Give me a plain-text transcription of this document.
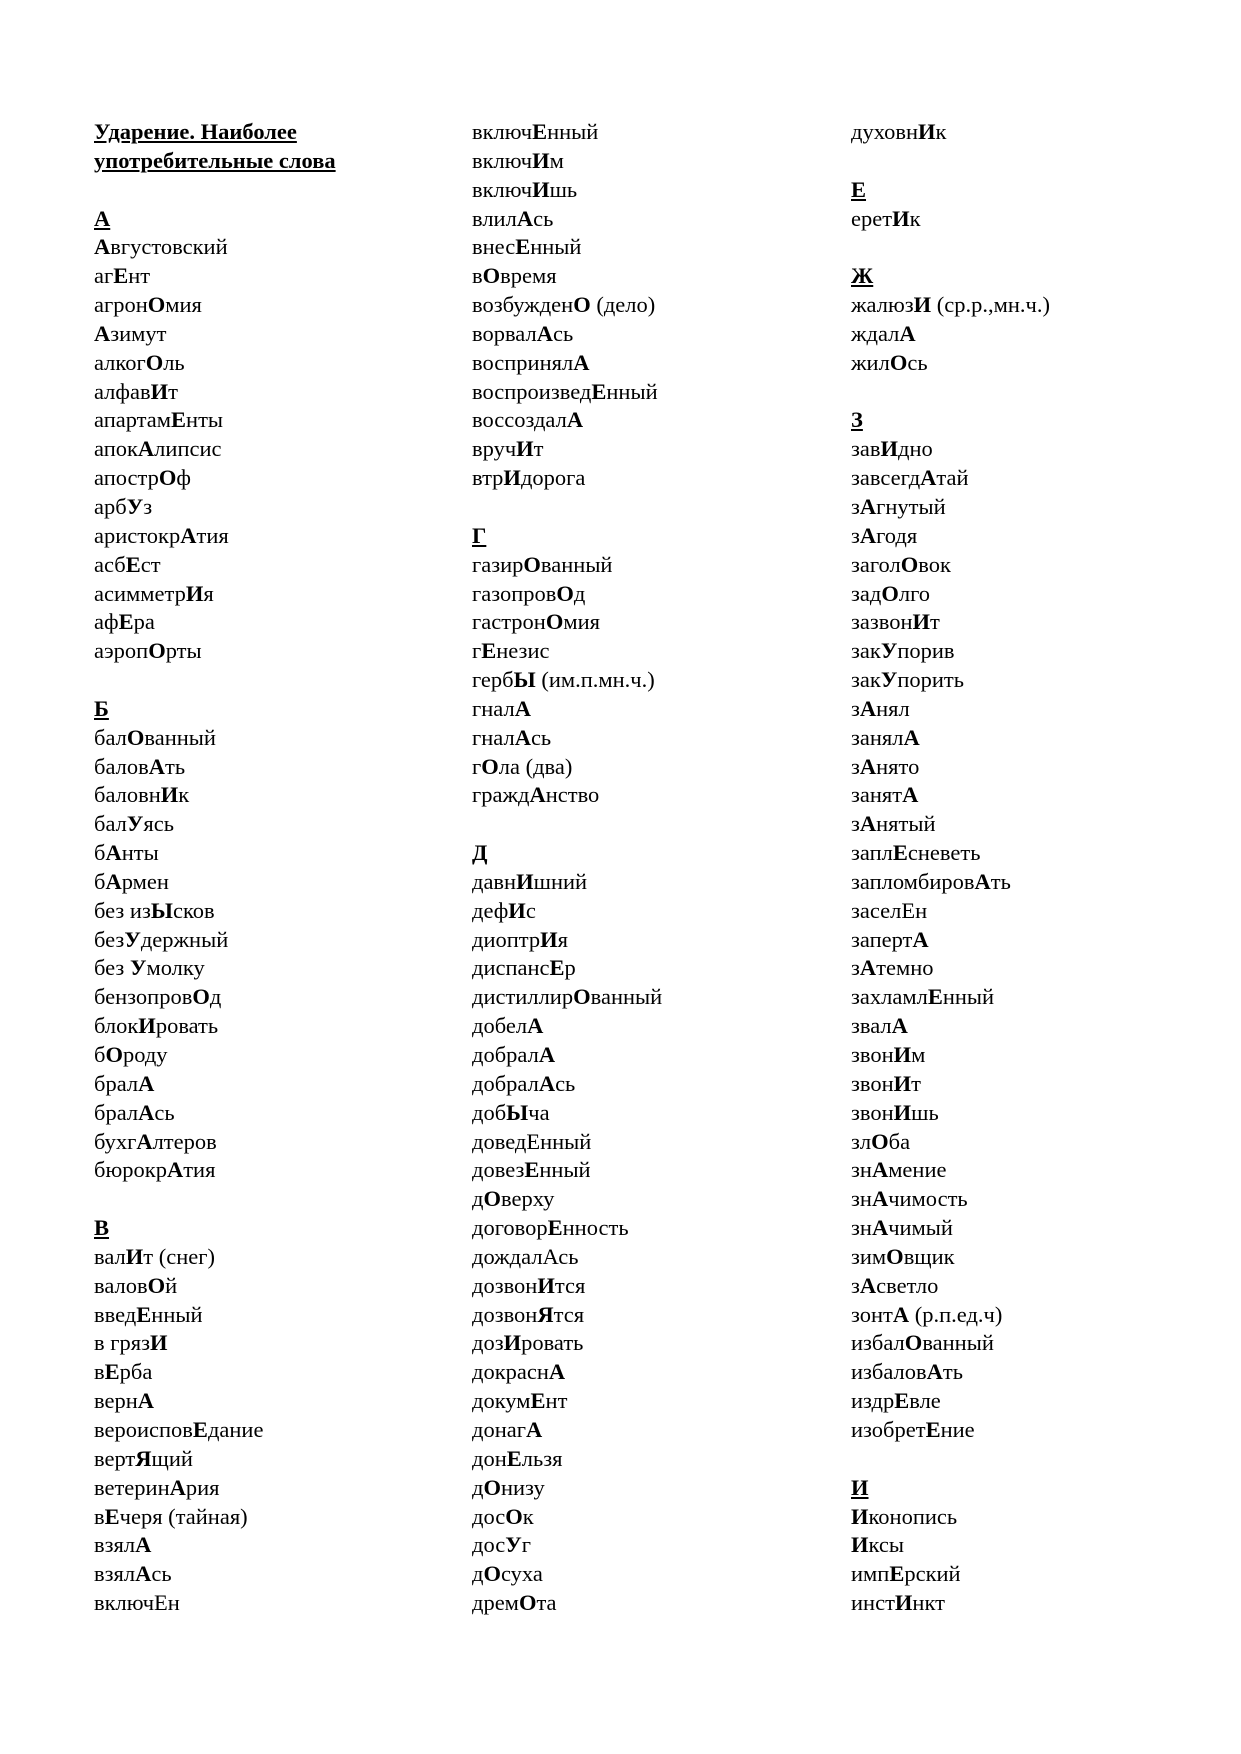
Ударение. Наиболее
употребительные слова
А
Августовский
агЕнт
агронОмия
Азимут
алкогОль
алфавИт
апартамЕнты
апокАлипсис
апострОф
арбУз
аристокрАтия
асбЕст
асимметрИя
афЕра
аэропОрты
Б
балОванный
баловАть
баловнИк
балУясь
бАнты
бАрмен
без изЫсков
безУдержный
без Умолку
бензопровОд
блокИровать
бОроду
бралА
бралАсь
бухгАлтеров
бюрокрАтия
В
валИт (снег)
валовОй
введЕнный
в грязИ
вЕрба
вернА
вероисповЕдание
вертЯщий
ветеринАрия
вЕчеря (тайная)
взялА
взялАсь
включЕн
включЕнный
включИм
включИшь
влилАсь
внесЕнный
вОвремя
возбужденО (дело)
ворвалАсь
воспринялА
воспроизведЕнный
воссоздалА
вручИт
втрИдорога
Г
газирОванный
газопровОд
гастронОмия
гЕнезис
гербЫ (им.п.мн.ч.)
гналА
гналАсь
гОла (два)
граждАнство
Д
давнИшний
дефИс
диоптрИя
диспансЕр
дистиллирОванный
добелА
добралА
добралАсь
добЫча
доведЕнный
довезЕнный
дОверху
договорЕнность
дождалАсь
дозвонИтся
дозвонЯтся
дозИровать
докраснА
докумЕнт
донагА
донЕльзя
дОнизу
досОк
досУг
дОсуха
дремОта
духовнИк
Е
еретИк
Ж
жалюзИ (ср.р.,мн.ч.)
ждалА
жилОсь
З
завИдно
завсегдАтай
зАгнутый
зАгодя
заголОвок
задОлго
зазвонИт
закУпорив
закУпорить
зАнял
занялА
зАнято
занятА
зАнятый
заплЕсневеть
запломбировАть
заселЕн
запертА
зАтемно
захламлЕнный
звалА
звонИм
звонИт
звонИшь
злОба
знАмение
знАчимость
знАчимый
зимОвщик
зАсветло
зонтА (р.п.ед.ч)
избалОванный
избаловАть
издрЕвле
изобретЕние
И
Иконопись
Иксы
импЕрский
инстИнкт
